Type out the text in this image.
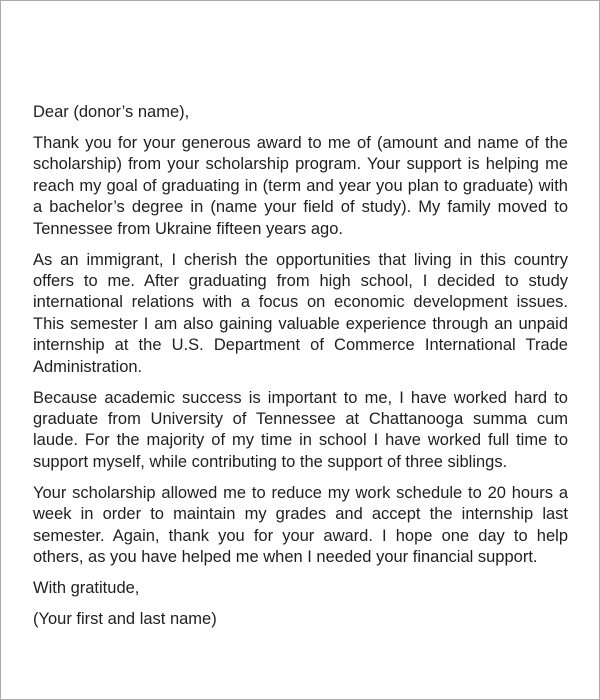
Dear (donor’s name),

Thank you for your generous award to me of (amount and name of the scholarship) from your scholarship program. Your support is helping me reach my goal of graduating in (term and year you plan to graduate) with a bachelor’s degree in (name your field of study). My family moved to Tennessee from Ukraine fifteen years ago.

As an immigrant, I cherish the opportunities that living in this country offers to me. After graduating from high school, I decided to study international relations with a focus on economic development issues. This semester I am also gaining valuable experience through an unpaid internship at the U.S. Department of Commerce International Trade Administration.

Because academic success is important to me, I have worked hard to graduate from University of Tennessee at Chattanooga summa cum laude. For the majority of my time in school I have worked full time to support myself, while contributing to the support of three siblings.

Your scholarship allowed me to reduce my work schedule to 20 hours a week in order to maintain my grades and accept the internship last semester. Again, thank you for your award. I hope one day to help others, as you have helped me when I needed your financial support.

With gratitude,

(Your first and last name)
